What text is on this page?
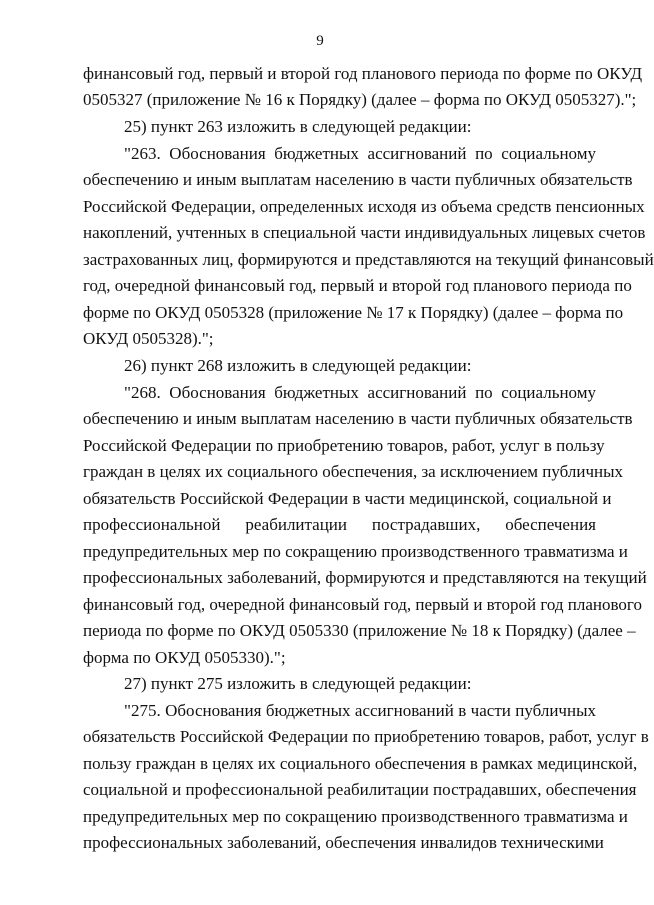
9
финансовый год, первый и второй год планового периода по форме по ОКУД
0505327 (приложение № 16 к Порядку) (далее – форма по ОКУД 0505327).";
25) пункт 263 изложить в следующей редакции:
"263. Обоснования бюджетных ассигнований по социальному
обеспечению и иным выплатам населению в части публичных обязательств
Российской Федерации, определенных исходя из объема средств пенсионных
накоплений, учтенных в специальной части индивидуальных лицевых счетов
застрахованных лиц, формируются и представляются на текущий финансовый
год, очередной финансовый год, первый и второй год планового периода по
форме по ОКУД 0505328 (приложение № 17 к Порядку) (далее – форма по
ОКУД 0505328).";
26) пункт 268 изложить в следующей редакции:
"268. Обоснования бюджетных ассигнований по социальному
обеспечению и иным выплатам населению в части публичных обязательств
Российской Федерации по приобретению товаров, работ, услуг в пользу
граждан в целях их социального обеспечения, за исключением публичных
обязательств Российской Федерации в части медицинской, социальной и
профессиональной реабилитации пострадавших, обеспечения
предупредительных мер по сокращению производственного травматизма и
профессиональных заболеваний, формируются и представляются на текущий
финансовый год, очередной финансовый год, первый и второй год планового
периода по форме по ОКУД 0505330 (приложение № 18 к Порядку) (далее –
форма по ОКУД 0505330).";
27) пункт 275 изложить в следующей редакции:
"275. Обоснования бюджетных ассигнований в части публичных
обязательств Российской Федерации по приобретению товаров, работ, услуг в
пользу граждан в целях их социального обеспечения в рамках медицинской,
социальной и профессиональной реабилитации пострадавших, обеспечения
предупредительных мер по сокращению производственного травматизма и
профессиональных заболеваний, обеспечения инвалидов техническими
